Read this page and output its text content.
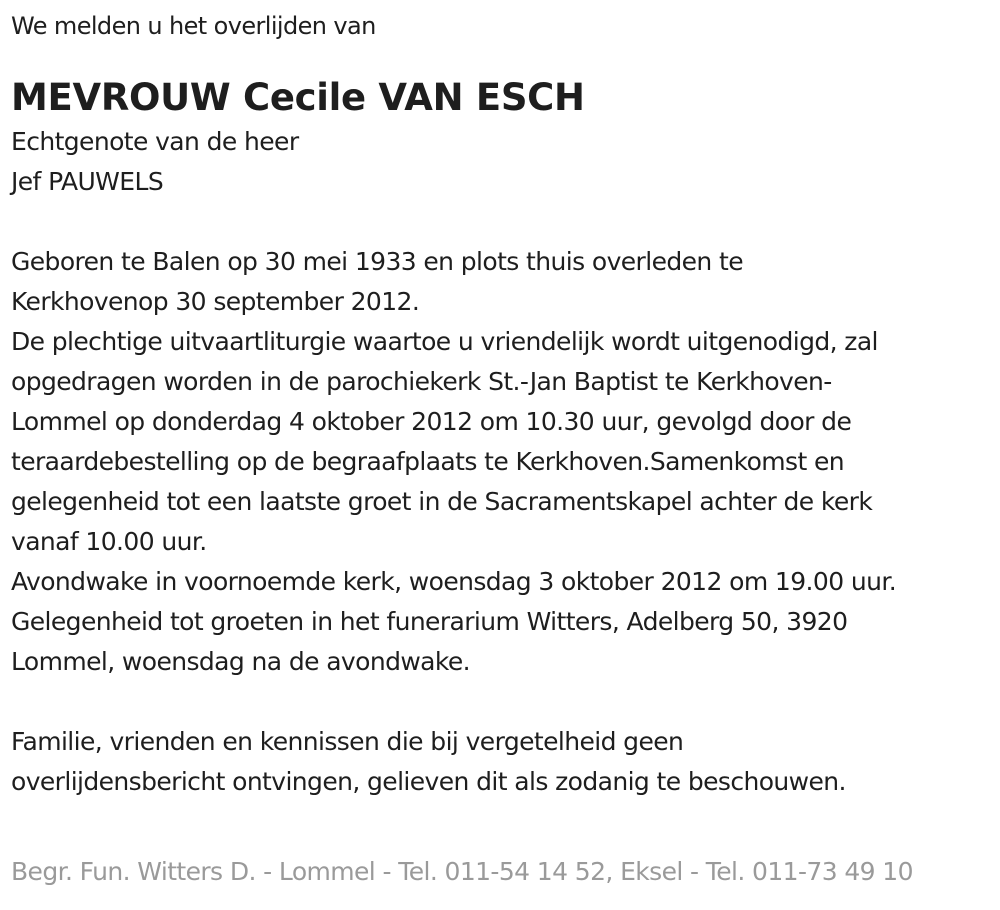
We melden u het overlijden van
MEVROUW Cecile VAN ESCH
Echtgenote van de heer
Jef PAUWELS
Geboren te Balen op 30 mei 1933 en plots thuis overleden te
Kerkhovenop 30 september 2012.
De plechtige uitvaartliturgie waartoe u vriendelijk wordt uitgenodigd, zal
opgedragen worden in de parochiekerk St.-Jan Baptist te Kerkhoven-
Lommel op donderdag 4 oktober 2012 om 10.30 uur, gevolgd door de
teraardebestelling op de begraafplaats te Kerkhoven.Samenkomst en
gelegenheid tot een laatste groet in de Sacramentskapel achter de kerk
vanaf 10.00 uur.
Avondwake in voornoemde kerk, woensdag 3 oktober 2012 om 19.00 uur.
Gelegenheid tot groeten in het funerarium Witters, Adelberg 50, 3920
Lommel, woensdag na de avondwake.
Familie, vrienden en kennissen die bij vergetelheid geen
overlijdensbericht ontvingen, gelieven dit als zodanig te beschouwen.
Begr. Fun. Witters D. - Lommel - Tel. 011-54 14 52, Eksel - Tel. 011-73 49 10
